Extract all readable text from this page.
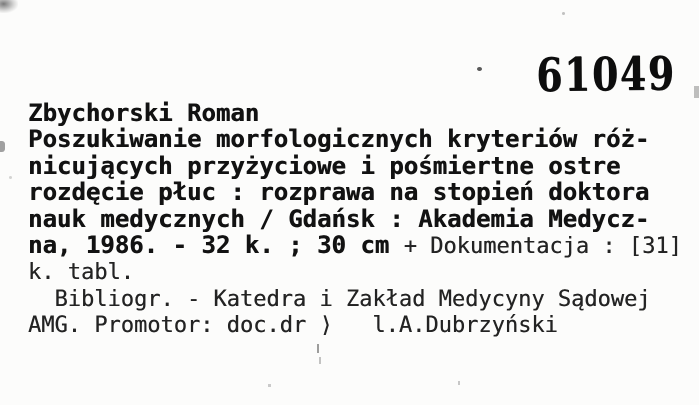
61049
Zbychorski Roman
Poszukiwanie morfologicznych kryteriów róż-
nicujących przyżyciowe i pośmiertne ostre
rozdęcie płuc : rozprawa na stopień doktora
nauk medycznych / Gdańsk : Akademia Medycz-
na, 1986. - 32 k. ; 30 cm + Dokumentacja : [31]
k. tabl.
Bibliogr. - Katedra i Zakład Medycyny Sądowej
AMG. Promotor: doc.dr ⟩   l.A.Dubrzyński
